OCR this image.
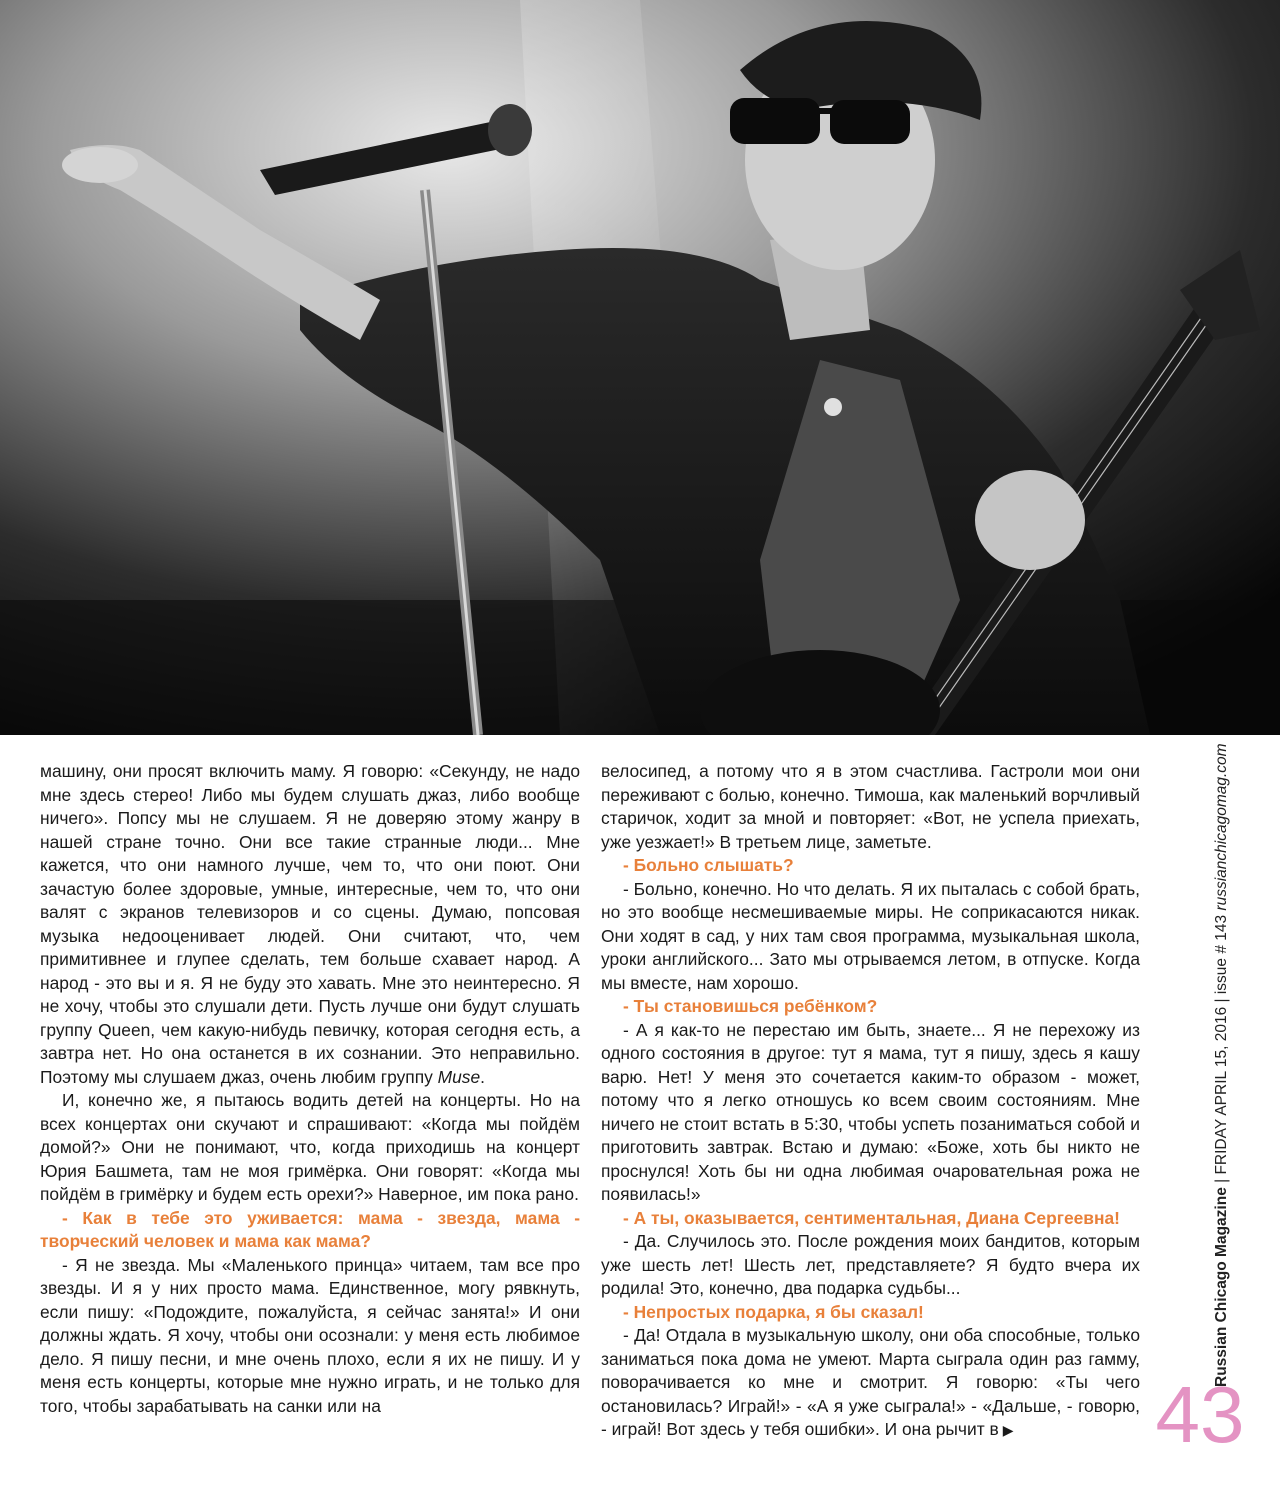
машину, они просят включить маму. Я говорю: «Секунду, не надо мне здесь стерео! Либо мы будем слушать джаз, либо вообще ничего». Попсу мы не слушаем. Я не доверяю этому жанру в нашей стране точно. Они все такие странные люди... Мне кажется, что они намного лучше, чем то, что они поют. Они зачастую более здоровые, умные, интересные, чем то, что они валят с экранов телевизоров и со сцены. Думаю, попсовая музыка недооценивает людей. Они считают, что, чем примитивнее и глупее сделать, тем больше схавает народ. А народ - это вы и я. Я не буду это хавать. Мне это неинтересно. Я не хочу, чтобы это слушали дети. Пусть лучше они будут слушать группу Queen, чем какую-нибудь певичку, которая сегодня есть, а завтра нет. Но она останется в их сознании. Это неправильно. Поэтому мы слушаем джаз, очень любим группу Muse.

И, конечно же, я пытаюсь водить детей на концерты. Но на всех концертах они скучают и спрашивают: «Когда мы пойдём домой?» Они не понимают, что, когда приходишь на концерт Юрия Башмета, там не моя гримёрка. Они говорят: «Когда мы пойдём в гримёрку и будем есть орехи?» Наверное, им пока рано.

- Как в тебе это уживается: мама - звезда, мама - творческий человек и мама как мама?

- Я не звезда. Мы «Маленького принца» читаем, там все про звезды. И я у них просто мама. Единственное, могу рявкнуть, если пишу: «Подождите, пожалуйста, я сейчас занята!» И они должны ждать. Я хочу, чтобы они осознали: у меня есть любимое дело. Я пишу песни, и мне очень плохо, если я их не пишу. И у меня есть концерты, которые мне нужно играть, и не только для того, чтобы зарабатывать на санки или на

велосипед, а потому что я в этом счастлива. Гастроли мои они переживают с болью, конечно. Тимоша, как маленький ворчливый старичок, ходит за мной и повторяет: «Вот, не успела приехать, уже уезжает!» В третьем лице, заметьте.

- Больно слышать?

- Больно, конечно. Но что делать. Я их пыталась с собой брать, но это вообще несмешиваемые миры. Не соприкасаются никак. Они ходят в сад, у них там своя программа, музыкальная школа, уроки английского... Зато мы отрываемся летом, в отпуске. Когда мы вместе, нам хорошо.

- Ты становишься ребёнком?

- А я как-то не перестаю им быть, знаете... Я не перехожу из одного состояния в другое: тут я мама, тут я пишу, здесь я кашу варю. Нет! У меня это сочетается каким-то образом - может, потому что я легко отношусь ко всем своим состояниям. Мне ничего не стоит встать в 5:30, чтобы успеть позаниматься собой и приготовить завтрак. Встаю и думаю: «Боже, хоть бы никто не проснулся! Хоть бы ни одна любимая очаровательная рожа не появилась!»

- А ты, оказывается, сентиментальная, Диана Сергеевна!

- Да. Случилось это. После рождения моих бандитов, которым уже шесть лет! Шесть лет, представляете? Я будто вчера их родила! Это, конечно, два подарка судьбы...

- Непростых подарка, я бы сказал!

- Да! Отдала в музыкальную школу, они оба способные, только заниматься пока дома не умеют. Марта сыграла один раз гамму, поворачивается ко мне и смотрит. Я говорю: «Ты чего остановилась? Играй!» - «А я уже сыграла!» - «Дальше, - говорю, - играй! Вот здесь у тебя ошибки». И она рычит в ▶

Russian Chicago Magazine | FRIDAY APRIL 15, 2016 | issue # 143 russianchicagomag.com
43
